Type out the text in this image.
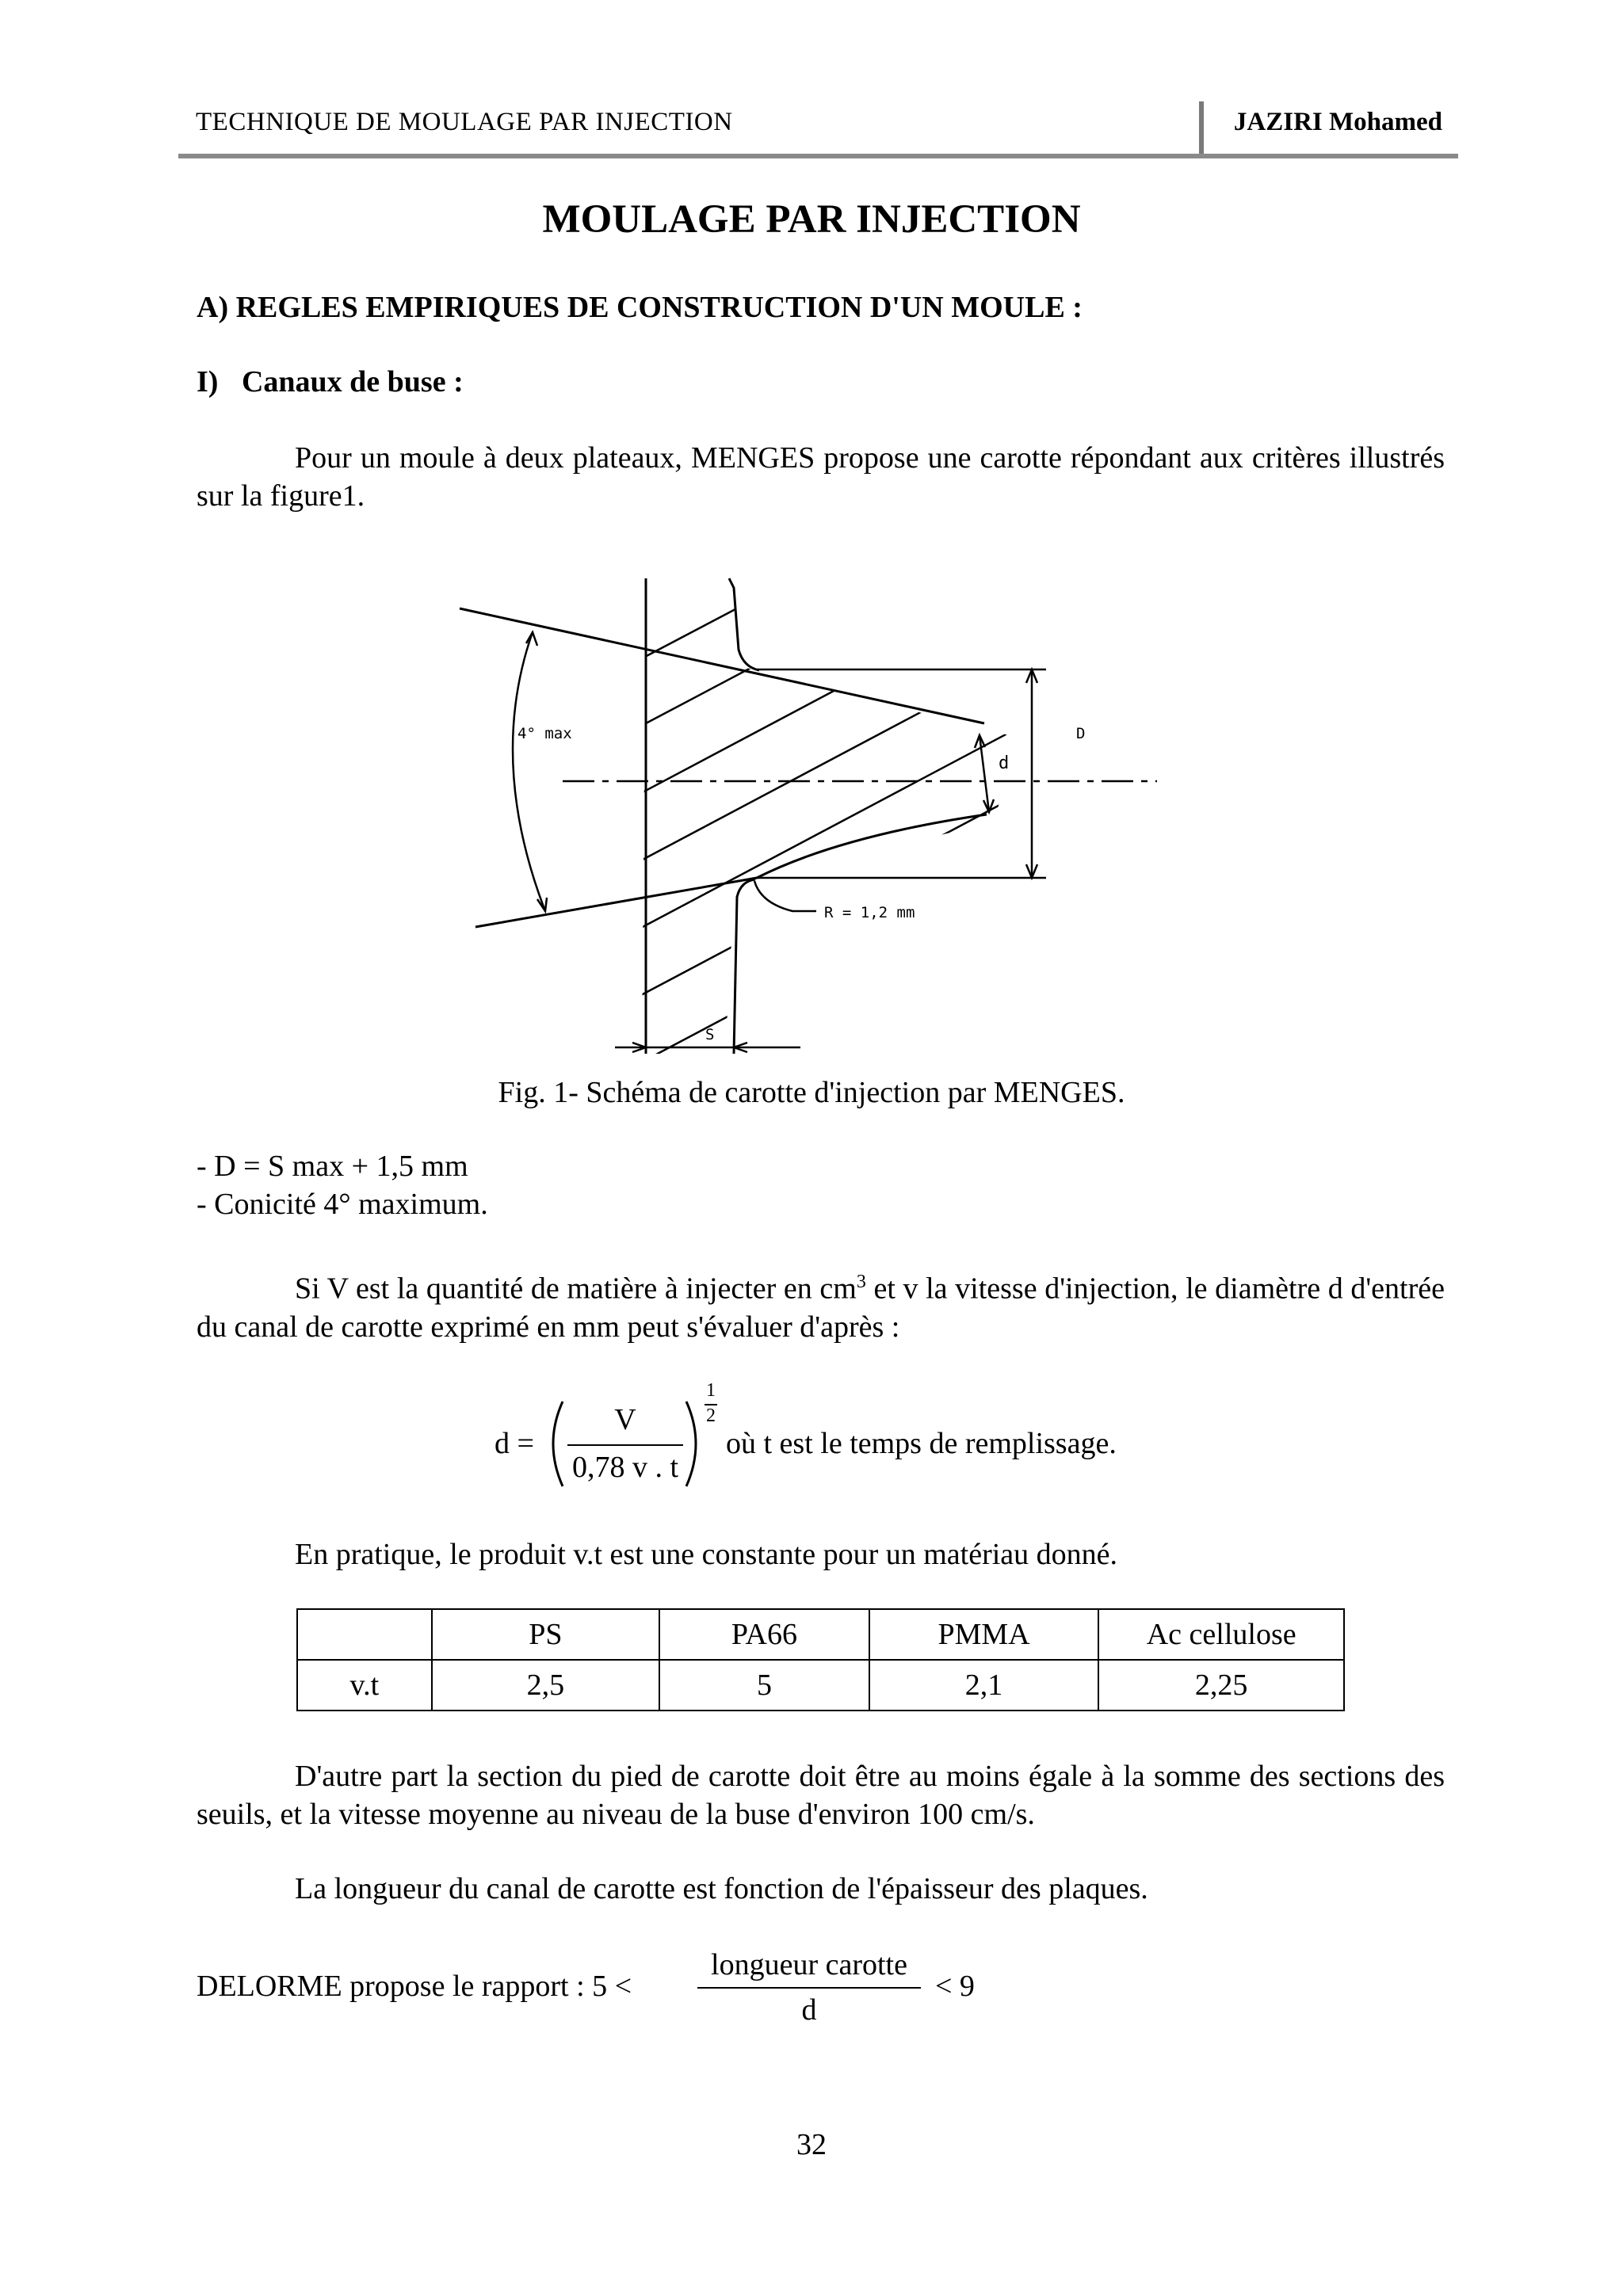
TECHNIQUE DE MOULAGE PAR INJECTION	JAZIRI Mohamed
MOULAGE PAR INJECTION
A) REGLES EMPIRIQUES DE CONSTRUCTION D'UN MOULE :
I) Canaux de buse :
Pour un moule à deux plateaux, MENGES propose une carotte répondant aux critères illustrés sur la figure1.
4° max	D
d
R = 1,2 mm
S
Fig. 1- Schéma de carotte d'injection par MENGES.
- D = S max + 1,5 mm
- Conicité 4° maximum.
Si V est la quantité de matière à injecter en $cm^3$ et v la vitesse d'injection, le diamètre d d'entrée du canal de carotte exprimé en mm peut s'évaluer d'après :
d =
V
0,78 v . t
1
2
où t est le temps de remplissage.
En pratique, le produit v.t est une constante pour un matériau donné.
	PS	PA66	PMMA	Ac cellulose
v.t	2,5	5	2,1	2,25
D'autre part la section du pied de carotte doit être au moins égale à la somme des sections des seuils, et la vitesse moyenne au niveau de la buse d'environ 100 cm/s.
La longueur du canal de carotte est fonction de l'épaisseur des plaques.
DELORME propose le rapport : 5 <
longueur carotte
d
< 9
32
